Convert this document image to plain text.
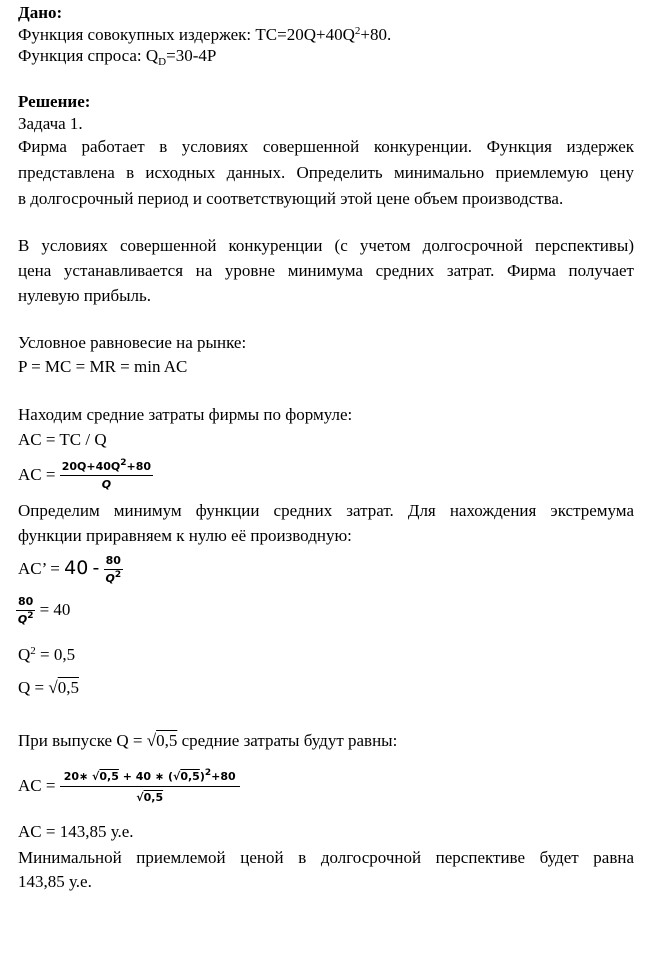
Дано:
Функция совокупных издержек: $TC=20Q+40Q^2+80$.
Функция спроса: $Q_D=30-4P$
Решение:
Задача 1.
Фирма работает в условиях совершенной конкуренции. Функция издержек
представлена в исходных данных. Определить минимально приемлемую цену
в долгосрочный период и соответствующий этой цене объем производства.
В условиях совершенной конкуренции (с учетом долгосрочной перспективы)
цена устанавливается на уровне минимума средних затрат. Фирма получает
нулевую прибыль.
Условное равновесие на рынке:
P = MC = MR = min AC
Находим средние затраты фирмы по формуле:
AC = TC / Q
AC = $\frac{20Q+40Q^2+80}{Q}$
Определим минимум функции средних затрат. Для нахождения экстремума
функции приравняем к нулю её производную:
AC’ = $40 - \frac{80}{Q^2}$
$\frac{80}{Q^2} = 40$
$Q^2 = 0,5$
Q = √0,5
При выпуске Q = √0,5 средние затраты будут равны:
AC = $\frac{20∗ √0,5 + 40 ∗ (√0,5)^2+80}{√0,5}$
AC = 143,85 у.е.
Минимальной приемлемой ценой в долгосрочной перспективе будет равна
143,85 у.е.
